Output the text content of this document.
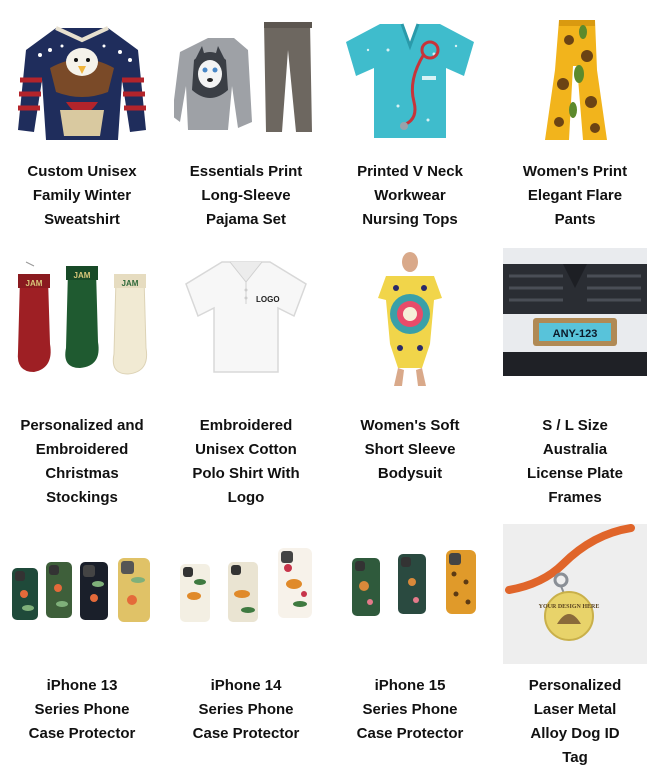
Custom Unisex
Family Winter
Sweatshirt
Essentials Print
Long-Sleeve
Pajama Set
Printed V Neck
Workwear
Nursing Tops
Women's Print
Elegant Flare
Pants
JAM
JAM
JAM
Personalized and
Embroidered
Christmas
Stockings
LOGO
Embroidered
Unisex Cotton
Polo Shirt With
Logo
Women's Soft
Short Sleeve
Bodysuit
ANY-123
S / L Size
Australia
License Plate
Frames
iPhone 13
Series Phone
Case Protector
iPhone 14
Series Phone
Case Protector
iPhone 15
Series Phone
Case Protector
YOUR DESIGN HERE
Personalized
Laser Metal
Alloy Dog ID
Tag
